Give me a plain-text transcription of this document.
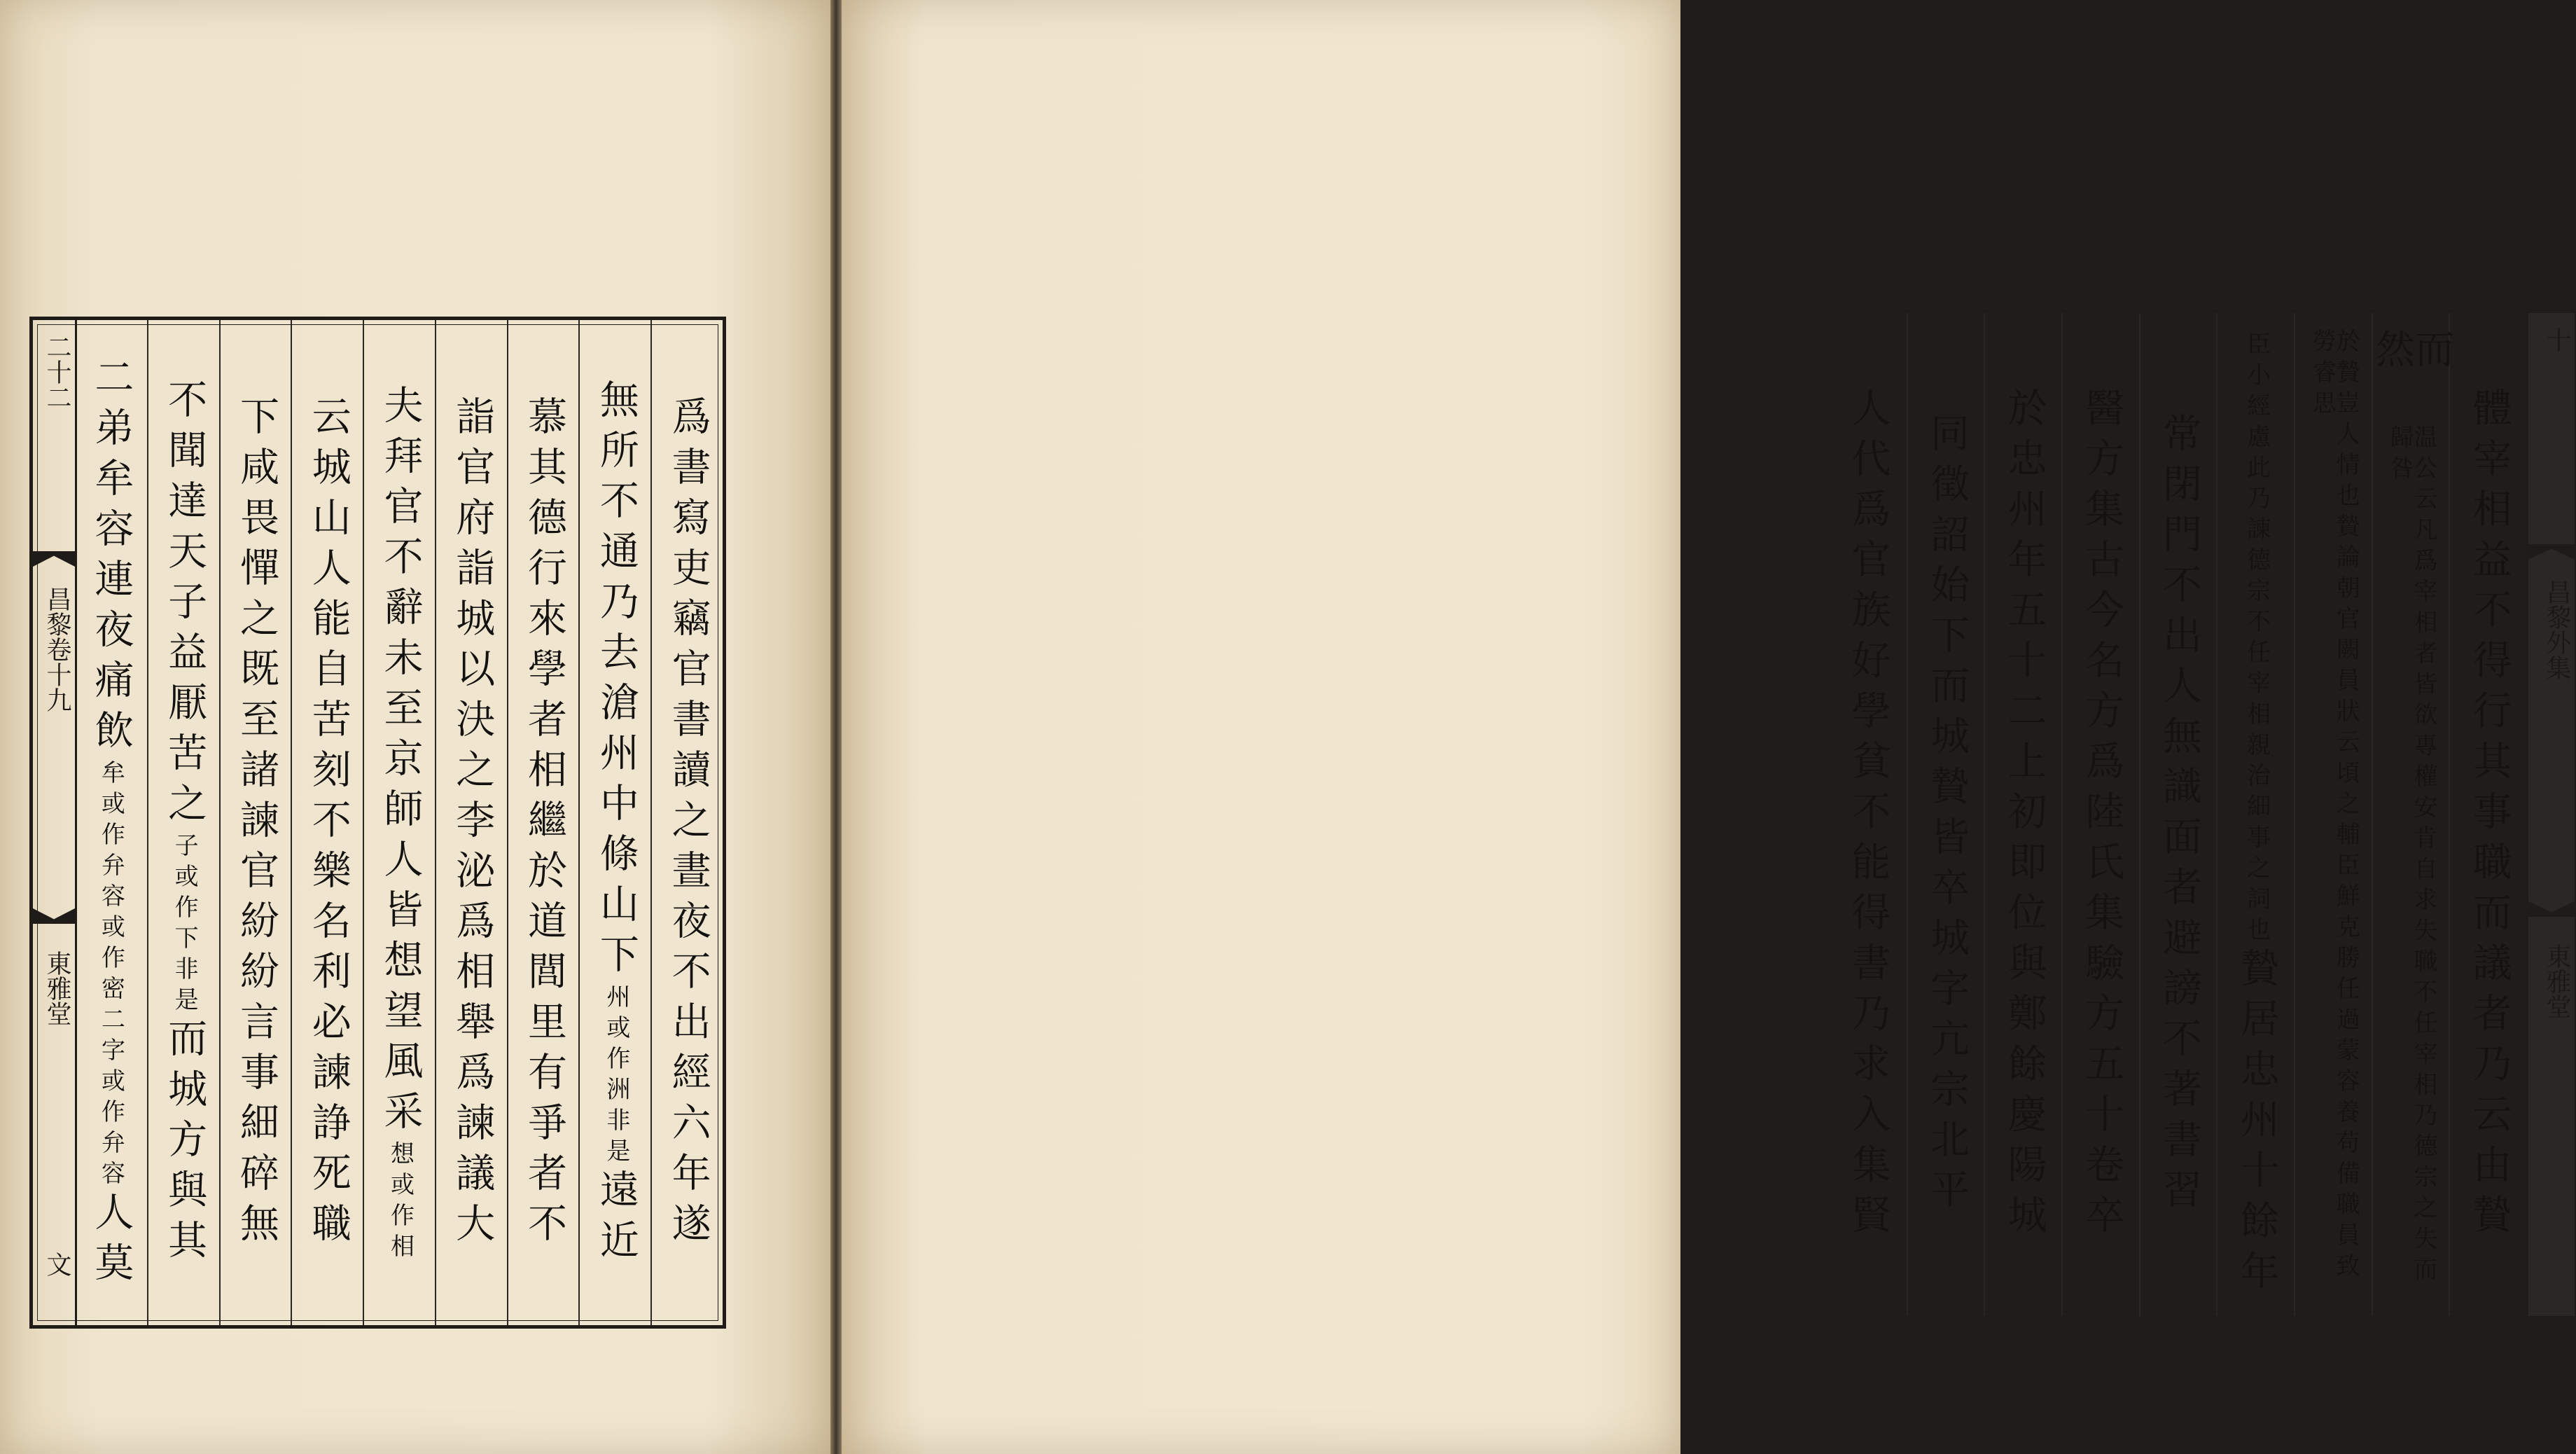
爲書寫吏竊官書讀之晝夜不出經六年遂
無所不通乃去滄州中條山下
州或作洲非是
遠近
慕其德行來學者相繼於道閭里有爭者不
詣官府詣城以決之李泌爲相舉爲諫議大
夫拜官不辭未至京師人皆想望風采
想或作相
云城山人能自苦刻不樂名利必諫諍死職
下咸畏憚之既至諸諫官紛紛言事細碎無
不聞達天子益厭苦之
子或作下非是
而城方與其
二弟牟容連夜痛飲
牟或作弁容或作密二字或作弁容
人莫
二十二
昌黎卷十九
東雅堂
文
體宰相益不得行其事職而議者乃云由贄
而然
温公云凡爲宰相者皆欲專權安肯自求失職不任宰相乃德宗之失而歸咎
於贄豈人情也贄論朝官闕員狀云頃之輔臣鮮克勝任過蒙容養苟備職員致勞睿思
臣小經慮此乃諫德宗不任宰相親治細事之詞也
贄居忠州十餘年
常閉門不出人無識面者避謗不著書習
醫方集古今名方爲陸氏集驗方五十卷卒
於忠州年五十二上初即位與鄭餘慶陽城
同徵詔始下而城贄皆卒
城字亢宗北平
人代爲官族好學貧不能得書乃求入集賢
十
昌黎外集
東雅堂
